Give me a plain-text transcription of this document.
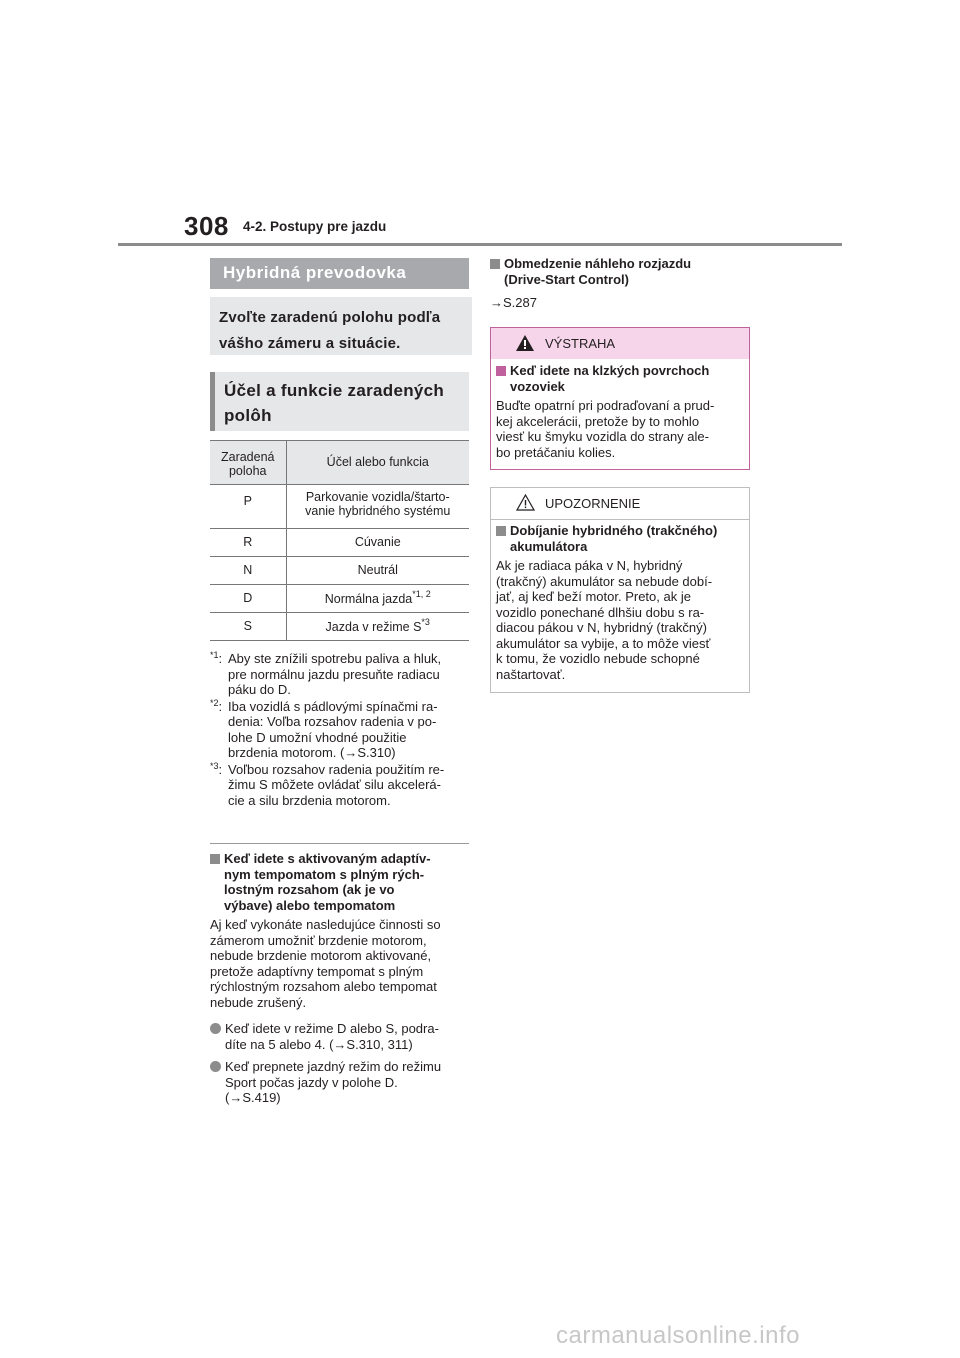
308 4-2. Postupy pre jazdu
Hybridná prevodovka
Zvoľte zaradenú polohu podľa
vášho zámeru a situácie.
Účel a funkcie zaradených
polôh
Zaradená
poloha	Účel alebo funkcia
P	Parkovanie vozidla/štarto-
vanie hybridného systému

R	Cúvanie
N	Neutrál
D	Normálna jazda$^{*1, 2}$
S	Jazda v režime $S^{*3}$
$^{*1}$: Aby ste znížili spotrebu paliva a hluk,
pre normálnu jazdu presuňte radiacu
páku do D.
$^{*2}$: Iba vozidlá s pádlovými spínačmi ra-
denia: Voľba rozsahov radenia v po-
lohe D umožní vhodné použitie
brzdenia motorom. (→S.310)
$^{*3}$: Voľbou rozsahov radenia použitím re-
žimu S môžete ovládať silu akcelerá-
cie a silu brzdenia motorom.
Keď idete s aktivovaným adaptív-
nym tempomatom s plným rých-
lostným rozsahom (ak je vo
výbave) alebo tempomatom
Aj keď vykonáte nasledujúce činnosti so
zámerom umožniť brzdenie motorom,
nebude brzdenie motorom aktivované,
pretože adaptívny tempomat s plným
rýchlostným rozsahom alebo tempomat
nebude zrušený.
Keď idete v režime D alebo S, podra-
díte na 5 alebo 4. (→S.310, 311)
Keď prepnete jazdný režim do režimu
Sport počas jazdy v polohe D.
(→S.419)
Obmedzenie náhleho rozjazdu
(Drive-Start Control)
→S.287
VÝSTRAHA
Keď idete na klzkých povrchoch
vozoviek
Buďte opatrní pri podraďovaní a prud-
kej akcelerácii, pretože by to mohlo
viesť ku šmyku vozidla do strany ale-
bo pretáčaniu kolies.
UPOZORNENIE
Dobíjanie hybridného (trakčného)
akumulátora
Ak je radiaca páka v N, hybridný
(trakčný) akumulátor sa nebude dobí-
jať, aj keď beží motor. Preto, ak je
vozidlo ponechané dlhšiu dobu s ra-
diacou pákou v N, hybridný (trakčný)
akumulátor sa vybije, a to môže viesť
k tomu, že vozidlo nebude schopné
naštartovať.
carmanualsonline.info
